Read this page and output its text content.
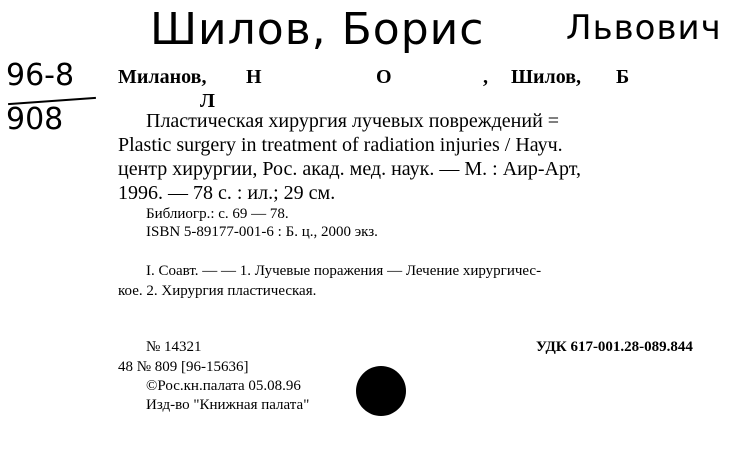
Шилов, Борис Львович
96-8
908
Миланов, Н	О	, Шилов, Б
Л
Пластическая хирургия лучевых повреждений =
Plastic surgery in treatment of radiation injuries / Науч.
центр хирургии, Рос. акад. мед. наук. — М. : Аир-Арт,
1996. — 78 с. : ил.; 29 см.
Библиогр.: с. 69 — 78.
ISBN 5-89177-001-6 : Б. ц., 2000 экз.
I. Соавт. — — 1. Лучевые поражения — Лечение хирургичес-
кое. 2. Хирургия пластическая.
№ 14321	УДК 617-001.28-089.844
48 № 809 [96-15636]
©Рос.кн.палата 05.08.96
Изд-во "Книжная палата"
